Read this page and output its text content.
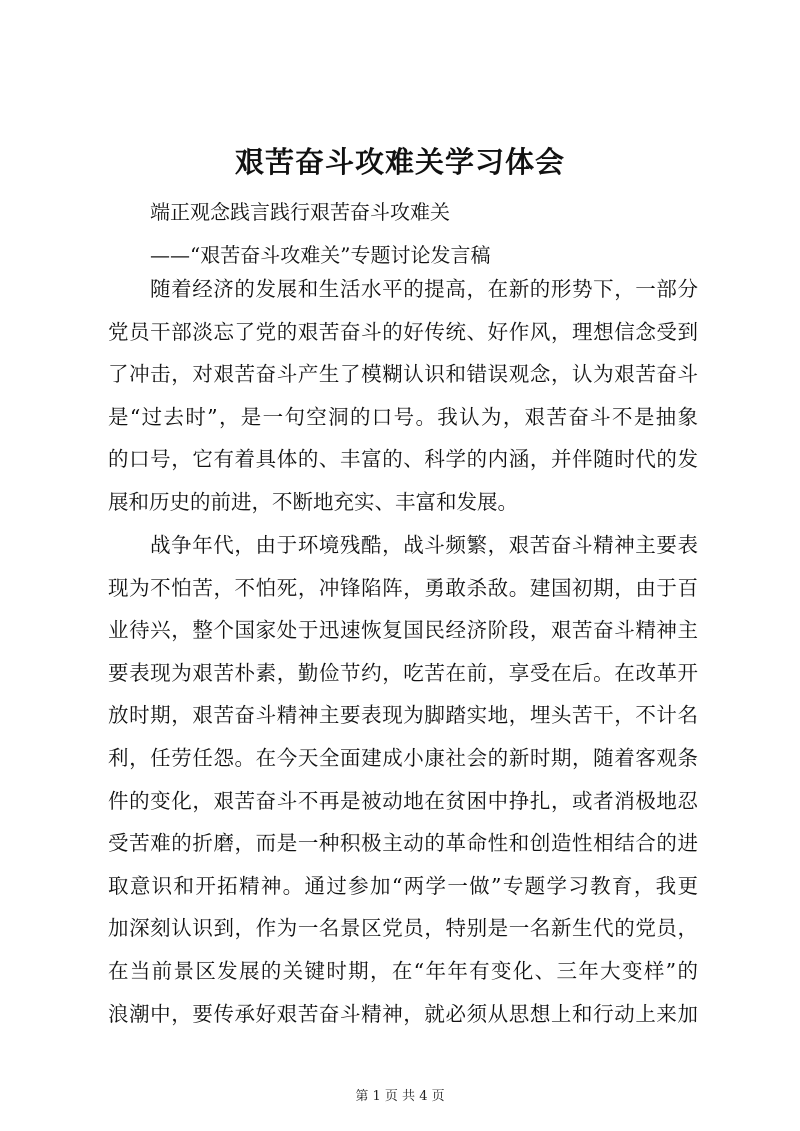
艰苦奋斗攻难关学习体会

端正观念践言践行艰苦奋斗攻难关

——“艰苦奋斗攻难关”专题讨论发言稿

随着经济的发展和生活水平的提高，在新的形势下，一部分
党员干部淡忘了党的艰苦奋斗的好传统、好作风，理想信念受到
了冲击，对艰苦奋斗产生了模糊认识和错误观念，认为艰苦奋斗
是“过去时”，是一句空洞的口号。我认为，艰苦奋斗不是抽象
的口号，它有着具体的、丰富的、科学的内涵，并伴随时代的发
展和历史的前进，不断地充实、丰富和发展。
战争年代，由于环境残酷，战斗频繁，艰苦奋斗精神主要表
现为不怕苦，不怕死，冲锋陷阵，勇敢杀敌。建国初期，由于百
业待兴，整个国家处于迅速恢复国民经济阶段，艰苦奋斗精神主
要表现为艰苦朴素，勤俭节约，吃苦在前，享受在后。在改革开
放时期，艰苦奋斗精神主要表现为脚踏实地，埋头苦干，不计名
利，任劳任怨。在今天全面建成小康社会的新时期，随着客观条
件的变化，艰苦奋斗不再是被动地在贫困中挣扎，或者消极地忍
受苦难的折磨，而是一种积极主动的革命性和创造性相结合的进
取意识和开拓精神。通过参加“两学一做”专题学习教育，我更
加深刻认识到，作为一名景区党员，特别是一名新生代的党员，
在当前景区发展的关键时期，在“年年有变化、三年大变样”的
浪潮中，要传承好艰苦奋斗精神，就必须从思想上和行动上来加

第 1 页 共 4 页
